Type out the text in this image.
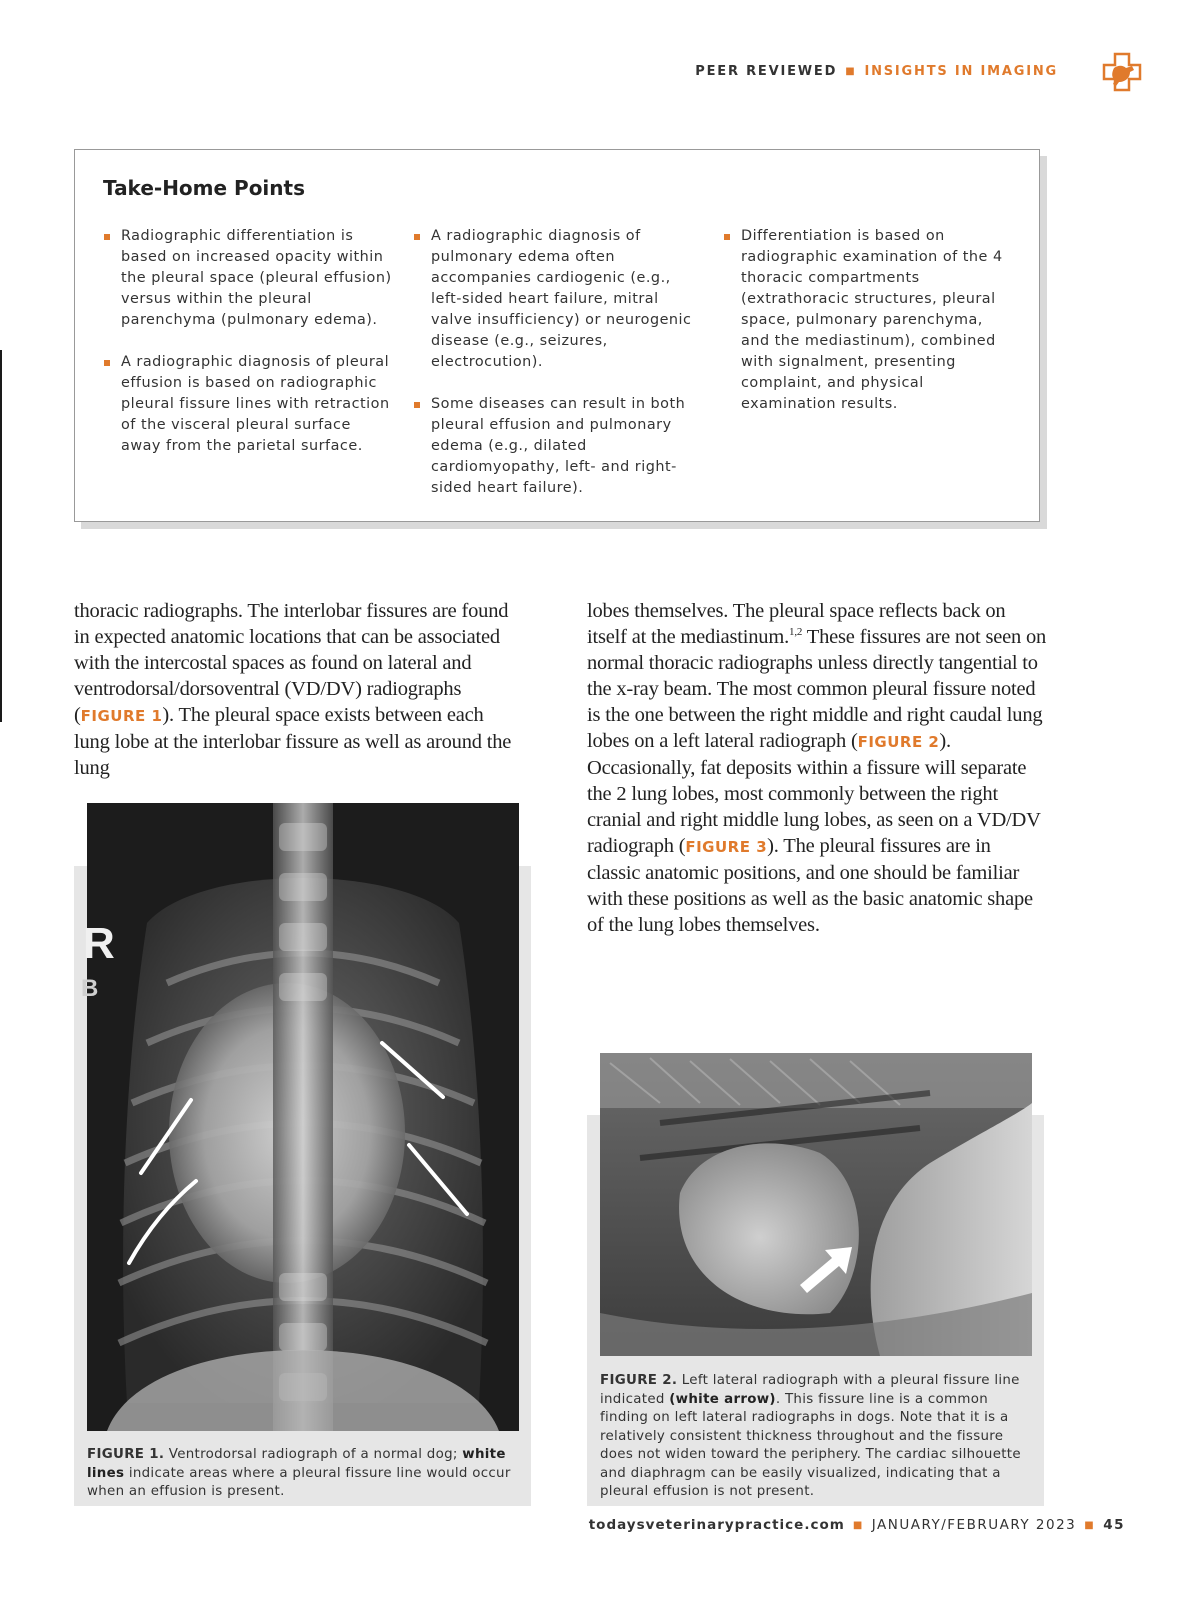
PEER REVIEWED ■ INSIGHTS IN IMAGING
Take-Home Points
Radiographic differentiation is based on increased opacity within the pleural space (pleural effusion) versus within the pleural parenchyma (pulmonary edema).
A radiographic diagnosis of pleural effusion is based on radiographic pleural fissure lines with retraction of the visceral pleural surface away from the parietal surface.
A radiographic diagnosis of pulmonary edema often accompanies cardiogenic (e.g., left-sided heart failure, mitral valve insufficiency) or neurogenic disease (e.g., seizures, electrocution).
Some diseases can result in both pleural effusion and pulmonary edema (e.g., dilated cardiomyopathy, left- and right-sided heart failure).
Differentiation is based on radiographic examination of the 4 thoracic compartments (extrathoracic structures, pleural space, pulmonary parenchyma, and the mediastinum), combined with signalment, presenting complaint, and physical examination results.
thoracic radiographs. The interlobar fissures are found in expected anatomic locations that can be associated with the intercostal spaces as found on lateral and ventrodorsal/dorsoventral (VD/DV) radiographs (FIGURE 1). The pleural space exists between each lung lobe at the interlobar fissure as well as around the lung
lobes themselves. The pleural space reflects back on itself at the mediastinum.$^{1,2}$ These fissures are not seen on normal thoracic radiographs unless directly tangential to the x-ray beam. The most common pleural fissure noted is the one between the right middle and right caudal lung lobes on a left lateral radiograph (FIGURE 2). Occasionally, fat deposits within a fissure will separate the 2 lung lobes, most commonly between the right cranial and right middle lung lobes, as seen on a VD/DV radiograph (FIGURE 3). The pleural fissures are in classic anatomic positions, and one should be familiar with these positions as well as the basic anatomic shape of the lung lobes themselves.
R
B
FIGURE 1. Ventrodorsal radiograph of a normal dog; white lines indicate areas where a pleural fissure line would occur when an effusion is present.
FIGURE 2. Left lateral radiograph with a pleural fissure line indicated (white arrow). This fissure line is a common finding on left lateral radiographs in dogs. Note that it is a relatively consistent thickness throughout and the fissure does not widen toward the periphery. The cardiac silhouette and diaphragm can be easily visualized, indicating that a pleural effusion is not present.
todaysveterinarypractice.com ■ JANUARY/FEBRUARY 2023 ■ 45
